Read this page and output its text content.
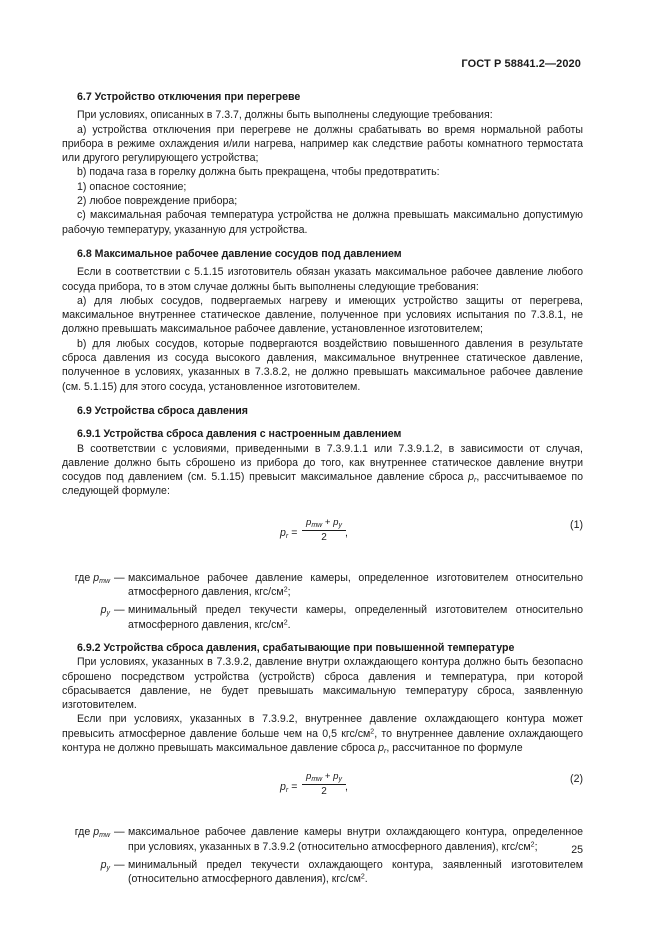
ГОСТ Р 58841.2—2020

6.7 Устройство отключения при перегреве

При условиях, описанных в 7.3.7, должны быть выполнены следующие требования:

а) устройства отключения при перегреве не должны срабатывать во время нормальной работы прибора в режиме охлаждения и/или нагрева, например как следствие работы комнатного термостата или другого регулирующего устройства;

b) подача газа в горелку должна быть прекращена, чтобы предотвратить:

1) опасное состояние;

2) любое повреждение прибора;

с) максимальная рабочая температура устройства не должна превышать максимально допустимую рабочую температуру, указанную для устройства.

6.8 Максимальное рабочее давление сосудов под давлением

Если в соответствии с 5.1.15 изготовитель обязан указать максимальное рабочее давление любого сосуда прибора, то в этом случае должны быть выполнены следующие требования:

а) для любых сосудов, подвергаемых нагреву и имеющих устройство защиты от перегрева, максимальное внутреннее статическое давление, полученное при условиях испытания по 7.3.8.1, не должно превышать максимальное рабочее давление, установленное изготовителем;

b) для любых сосудов, которые подвергаются воздействию повышенного давления в результате сброса давления из сосуда высокого давления, максимальное внутреннее статическое давление, полученное в условиях, указанных в 7.3.8.2, не должно превышать максимальное рабочее давление (см. 5.1.15) для этого сосуда, установленное изготовителем.

6.9 Устройства сброса давления

6.9.1 Устройства сброса давления с настроенным давлением

В соответствии с условиями, приведенными в 7.3.9.1.1 или 7.3.9.1.2, в зависимости от случая, давление должно быть сброшено из прибора до того, как внутреннее статическое давление внутри сосудов под давлением (см. 5.1.15) превысит максимальное давление сброса $p_r$, рассчитываемое по следующей формуле:

$p_r$ =
$p_{mw} + p_y$
2	,
(1)
где $p_{mw}$ — максимальное рабочее давление камеры, определенное изготовителем относительно атмосферного давления, кгс/$см^2$;
$p_y$ — минимальный предел текучести камеры, определенный изготовителем относительно атмосферного давления, кгс/$см^2$.

6.9.2 Устройства сброса давления, срабатывающие при повышенной температуре

При условиях, указанных в 7.3.9.2, давление внутри охлаждающего контура должно быть безопасно сброшено посредством устройства (устройств) сброса давления и температура, при которой сбрасывается давление, не будет превышать максимальную температуру сброса, заявленную изготовителем.

Если при условиях, указанных в 7.3.9.2, внутреннее давление охлаждающего контура может превысить атмосферное давление больше чем на 0,5 кгс/$см^2$, то внутреннее давление охлаждающего контура не должно превышать максимальное давление сброса $p_r$, рассчитанное по формуле

$p_r$ =
$p_{mw} + p_y$
2	,
(2)
где $p_{mw}$ — максимальное рабочее давление камеры внутри охлаждающего контура, определенное при условиях, указанных в 7.3.9.2 (относительно атмосферного давления), кгс/$см^2$;
$p_y$ — минимальный предел текучести охлаждающего контура, заявленный изготовителем (относительно атмосферного давления), кгс/$см^2$.
25
